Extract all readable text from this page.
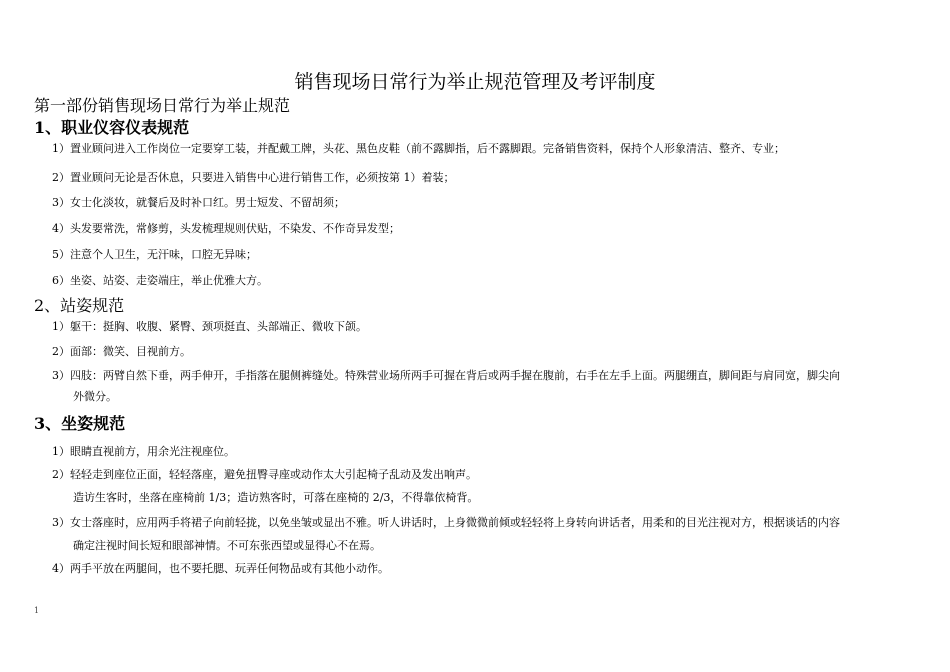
销售现场日常行为举止规范管理及考评制度
第一部份销售现场日常行为举止规范
1、职业仪容仪表规范
1）置业顾问进入工作岗位一定要穿工装，并配戴工牌，头花、黑色皮鞋（前不露脚指，后不露脚跟。完备销售资料，保持个人形象清洁、整齐、专业；
2）置业顾问无论是否休息，只要进入销售中心进行销售工作，必须按第 1）着装；
3）女士化淡妆，就餐后及时补口红。男士短发、不留胡须；
4）头发要常洗，常修剪，头发梳理规则伏贴，不染发、不作奇异发型；
5）注意个人卫生，无汗味，口腔无异味；
6）坐姿、站姿、走姿端庄，举止优雅大方。
2、站姿规范
1）躯干：挺胸、收腹、紧臀、颈项挺直、头部端正、微收下颌。
2）面部：微笑、目视前方。
3）四肢：两臂自然下垂，两手伸开，手指落在腿侧裤缝处。特殊营业场所两手可握在背后或两手握在腹前，右手在左手上面。两腿绷直，脚间距与肩同宽，脚尖向
外微分。
3、坐姿规范
1）眼睛直视前方，用余光注视座位。
2）轻轻走到座位正面，轻轻落座，避免扭臀寻座或动作太大引起椅子乱动及发出响声。
造访生客时，坐落在座椅前 1/3；造访熟客时，可落在座椅的 2/3，不得靠依椅背。
3）女士落座时，应用两手将裙子向前轻拢，以免坐皱或显出不雅。听人讲话时，上身微微前倾或轻轻将上身转向讲话者，用柔和的目光注视对方，根据谈话的内容
确定注视时间长短和眼部神情。不可东张西望或显得心不在焉。
4）两手平放在两腿间，也不要托腮、玩弄任何物品或有其他小动作。
1
